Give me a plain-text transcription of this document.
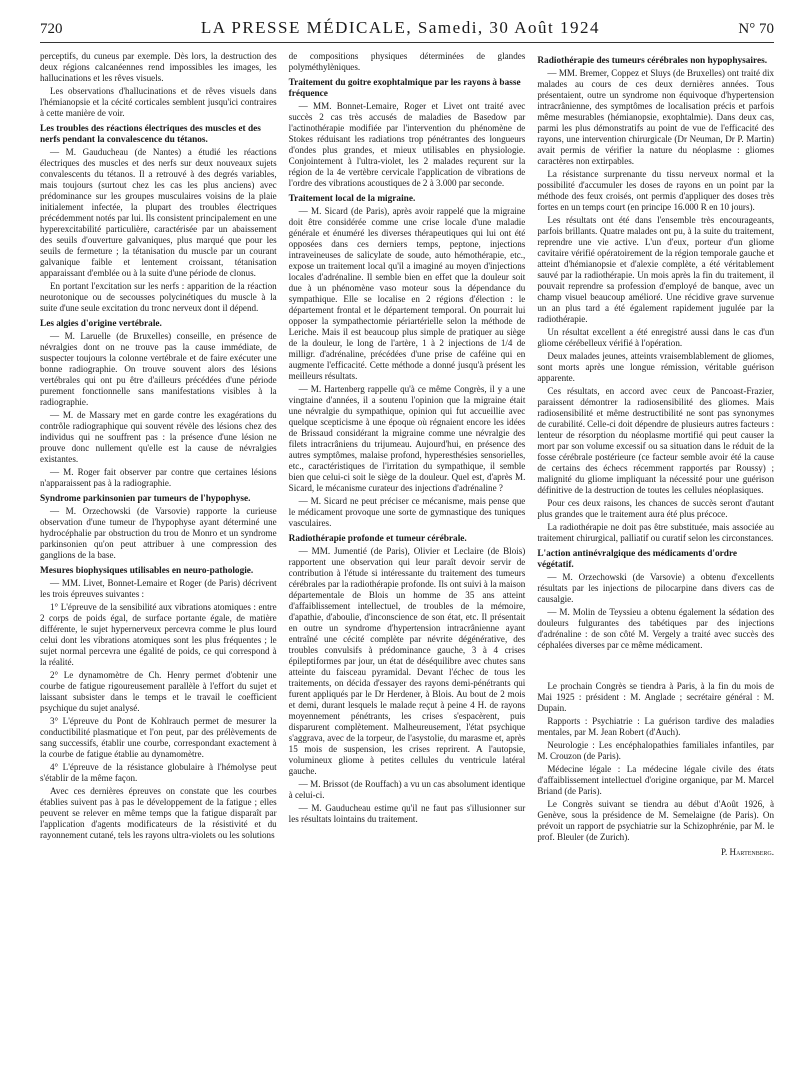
720	LA PRESSE MÉDICALE, Samedi, 30 Août 1924	N° 70

perceptifs, du cuneus par exemple. Dès lors, la destruction des deux régions calcanéennes rend impossibles les images, les hallucinations et les rêves visuels.

Les observations d'hallucinations et de rêves visuels dans l'hémianopsie et la cécité corticales semblent jusqu'ici contraires à cette manière de voir.

Les troubles des réactions électriques des muscles et des nerfs pendant la convalescence du tétanos.

— M. Gauducheau (de Nantes) a étudié les réactions électriques des muscles et des nerfs sur deux nouveaux sujets convalescents du tétanos. Il a retrouvé à des degrés variables, mais toujours (surtout chez les cas les plus anciens) avec prédominance sur les groupes musculaires voisins de la plaie initialement infectée, la plupart des troubles électriques précédemment notés par lui. Ils consistent principalement en une hyperexcitabilité particulière, caractérisée par un abaissement des seuils d'ouverture galvaniques, plus marqué que pour les seuils de fermeture ; la tétanisation du muscle par un courant galvanique faible et lentement croissant, tétanisation apparaissant d'emblée ou à la suite d'une période de clonus.

En portant l'excitation sur les nerfs : apparition de la réaction neurotonique ou de secousses polycinétiques du muscle à la suite d'une seule excitation du tronc nerveux dont il dépend.

Les algies d'origine vertébrale.

— M. Laruelle (de Bruxelles) conseille, en présence de névralgies dont on ne trouve pas la cause immédiate, de suspecter toujours la colonne vertébrale et de faire exécuter une bonne radiographie. On trouve souvent alors des lésions vertébrales qui ont pu être d'ailleurs précédées d'une période purement fonctionnelle sans manifestations visibles à la radiographie.

— M. de Massary met en garde contre les exagérations du contrôle radiographique qui souvent révèle des lésions chez des individus qui ne souffrent pas : la présence d'une lésion ne prouve donc nullement qu'elle est la cause de névralgies existantes.

— M. Roger fait observer par contre que certaines lésions n'apparaissent pas à la radiographie.

Syndrome parkinsonien par tumeurs de l'hypophyse.

— M. Orzechowski (de Varsovie) rapporte la curieuse observation d'une tumeur de l'hypophyse ayant déterminé une hydrocéphalie par obstruction du trou de Monro et un syndrome parkinsonien qu'on peut attribuer à une compression des ganglions de la base.

Mesures biophysiques utilisables en neuro-pathologie.

— MM. Livet, Bonnet-Lemaire et Roger (de Paris) décrivent les trois épreuves suivantes :

1° L'épreuve de la sensibilité aux vibrations atomiques : entre 2 corps de poids égal, de surface portante égale, de matière différente, le sujet hypernerveux percevra comme le plus lourd celui dont les vibrations atomiques sont les plus fréquentes ; le sujet normal percevra une égalité de poids, ce qui correspond à la réalité.

2° Le dynamomètre de Ch. Henry permet d'obtenir une courbe de fatigue rigoureusement parallèle à l'effort du sujet et laissant subsister dans le temps et le travail le coefficient psychique du sujet analysé.

3° L'épreuve du Pont de Kohlrauch permet de mesurer la conductibilité plasmatique et l'on peut, par des prélèvements de sang successifs, établir une courbe, correspondant exactement à la courbe de fatigue établie au dynamomètre.

4° L'épreuve de la résistance globulaire à l'hémolyse peut s'établir de la même façon.

Avec ces dernières épreuves on constate que les courbes établies suivent pas à pas le développement de la fatigue ; elles peuvent se relever en même temps que la fatigue disparaît par l'application d'agents modificateurs de la résistivité et du rayonnement cutané, tels les rayons ultra-violets ou les solutions

de compositions physiques déterminées de glandes polyméthylèniques.

Traitement du goitre exophtalmique par les rayons à basse fréquence

— MM. Bonnet-Lemaire, Roger et Livet ont traité avec succès 2 cas très accusés de maladies de Basedow par l'actinothérapie modifiée par l'intervention du phénomène de Stokes réduisant les radiations trop pénétrantes des longueurs d'ondes plus grandes, et mieux utilisables en physiologie. Conjointement à l'ultra-violet, les 2 malades reçurent sur la région de la 4e vertèbre cervicale l'application de vibrations de l'ordre des vibrations acoustiques de 2 à 3.000 par seconde.

Traitement local de la migraine.

— M. Sicard (de Paris), après avoir rappelé que la migraine doit être considérée comme une crise locale d'une maladie générale et énuméré les diverses thérapeutiques qui lui ont été opposées dans ces derniers temps, peptone, injections intraveineuses de salicylate de soude, auto hémothérapie, etc., expose un traitement local qu'il a imaginé au moyen d'injections locales d'adrénaline. Il semble bien en effet que la douleur soit due à un phénomène vaso moteur sous la dépendance du sympathique. Elle se localise en 2 régions d'élection : le département frontal et le département temporal. On pourrait lui opposer la sympathectomie périartérielle selon la méthode de Leriche. Mais il est beaucoup plus simple de pratiquer au siège de la douleur, le long de l'artère, 1 à 2 injections de 1/4 de milligr. d'adrénaline, précédées d'une prise de caféine qui en augmente l'efficacité. Cette méthode a donné jusqu'à présent les meilleurs résultats.

— M. Hartenberg rappelle qu'à ce même Congrès, il y a une vingtaine d'années, il a soutenu l'opinion que la migraine était une névralgie du sympathique, opinion qui fut accueillie avec quelque scepticisme à une époque où régnaient encore les idées de Brissaud considérant la migraine comme une névralgie des filets intracrâniens du trijumeau. Aujourd'hui, en présence des autres symptômes, malaise profond, hyperesthésies sensorielles, etc., caractéristiques de l'irritation du sympathique, il semble bien que celui-ci soit le siège de la douleur. Quel est, d'après M. Sicard, le mécanisme curateur des injections d'adrénaline ?

— M. Sicard ne peut préciser ce mécanisme, mais pense que le médicament provoque une sorte de gymnastique des tuniques vasculaires.

Radiothérapie profonde et tumeur cérébrale.

— MM. Jumentié (de Paris), Olivier et Leclaire (de Blois) rapportent une observation qui leur paraît devoir servir de contribution à l'étude si intéressante du traitement des tumeurs cérébrales par la radiothérapie profonde. Ils ont suivi à la maison départementale de Blois un homme de 35 ans atteint d'affaiblissement intellectuel, de troubles de la mémoire, d'apathie, d'aboulie, d'inconscience de son état, etc. Il présentait en outre un syndrome d'hypertension intracrânienne ayant entraîné une cécité complète par névrite dégénérative, des troubles convulsifs à prédominance gauche, 3 à 4 crises épileptiformes par jour, un état de déséquilibre avec chutes sans atteinte du faisceau pyramidal. Devant l'échec de tous les traitements, on décida d'essayer des rayons demi-pénétrants qui furent appliqués par le Dr Herdener, à Blois. Au bout de 2 mois et demi, durant lesquels le malade reçut à peine 4 H. de rayons moyennement pénétrants, les crises s'espacèrent, puis disparurent complètement. Malheureusement, l'état psychique s'aggrava, avec de la torpeur, de l'asystolie, du marasme et, après 15 mois de suspension, les crises reprirent. A l'autopsie, volumineux gliome à petites cellules du ventricule latéral gauche.

— M. Brissot (de Rouffach) a vu un cas absolument identique à celui-ci.

— M. Gauducheau estime qu'il ne faut pas s'illusionner sur les résultats lointains du traitement.

Radiothérapie des tumeurs cérébrales non hypophysaires.

— MM. Bremer, Coppez et Sluys (de Bruxelles) ont traité dix malades au cours de ces deux dernières années. Tous présentaient, outre un syndrome non équivoque d'hypertension intracrânienne, des symptômes de localisation précis et parfois même mesurables (hémianopsie, exophtalmie). Dans deux cas, parmi les plus démonstratifs au point de vue de l'efficacité des rayons, une intervention chirurgicale (Dr Neuman, Dr P. Martin) avait permis de vérifier la nature du néoplasme : gliomes caractères non extirpables.

La résistance surprenante du tissu nerveux normal et la possibilité d'accumuler les doses de rayons en un point par la méthode des feux croisés, ont permis d'appliquer des doses très fortes en un temps court (en principe 16.000 R en 10 jours).

Les résultats ont été dans l'ensemble très encourageants, parfois brillants. Quatre malades ont pu, à la suite du traitement, reprendre une vie active. L'un d'eux, porteur d'un gliome cavitaire vérifié opératoirement de la région temporale gauche et atteint d'hémianopsie et d'alexie complète, a été véritablement sauvé par la radiothérapie. Un mois après la fin du traitement, il pouvait reprendre sa profession d'employé de banque, avec un champ visuel beaucoup amélioré. Une récidive grave survenue un an plus tard a été également rapidement jugulée par la radiothérapie.

Un résultat excellent a été enregistré aussi dans le cas d'un gliome cérébelleux vérifié à l'opération.

Deux malades jeunes, atteints vraisemblablement de gliomes, sont morts après une longue rémission, véritable guérison apparente.

Ces résultats, en accord avec ceux de Pancoast-Frazier, paraissent démontrer la radiosensibilité des gliomes. Mais radiosensibilité et même destructibilité ne sont pas synonymes de curabilité. Celle-ci doit dépendre de plusieurs autres facteurs : lenteur de résorption du néoplasme mortifié qui peut causer la mort par son volume excessif ou sa situation dans le réduit de la fosse cérébrale postérieure (ce facteur semble avoir été la cause de certains des échecs récemment rapportés par Roussy) ; malignité du gliome impliquant la nécessité pour une guérison définitive de la destruction de toutes les cellules néoplasiques.

Pour ces deux raisons, les chances de succès seront d'autant plus grandes que le traitement aura été plus précoce.

La radiothérapie ne doit pas être substituée, mais associée au traitement chirurgical, palliatif ou curatif selon les circonstances.

L'action antinévralgique des médicaments d'ordre végétatif.

— M. Orzechowski (de Varsovie) a obtenu d'excellents résultats par les injections de pilocarpine dans divers cas de causalgie.

— M. Molin de Teyssieu a obtenu également la sédation des douleurs fulgurantes des tabétiques par des injections d'adrénaline : de son côté M. Vergely a traité avec succès des céphalées diverses par ce même médicament.

Le prochain Congrès se tiendra à Paris, à la fin du mois de Mai 1925 : président : M. Anglade ; secrétaire général : M. Dupain.

Rapports : Psychiatrie : La guérison tardive des maladies mentales, par M. Jean Robert (d'Auch).

Neurologie : Les encéphalopathies familiales infantiles, par M. Crouzon (de Paris).

Médecine légale : La médecine légale civile des états d'affaiblissement intellectuel d'origine organique, par M. Marcel Briand (de Paris).

Le Congrès suivant se tiendra au début d'Août 1926, à Genève, sous la présidence de M. Semelaigne (de Paris). On prévoit un rapport de psychiatrie sur la Schizophrénie, par M. le prof. Bleuler (de Zurich).

P. Hartenberg.
